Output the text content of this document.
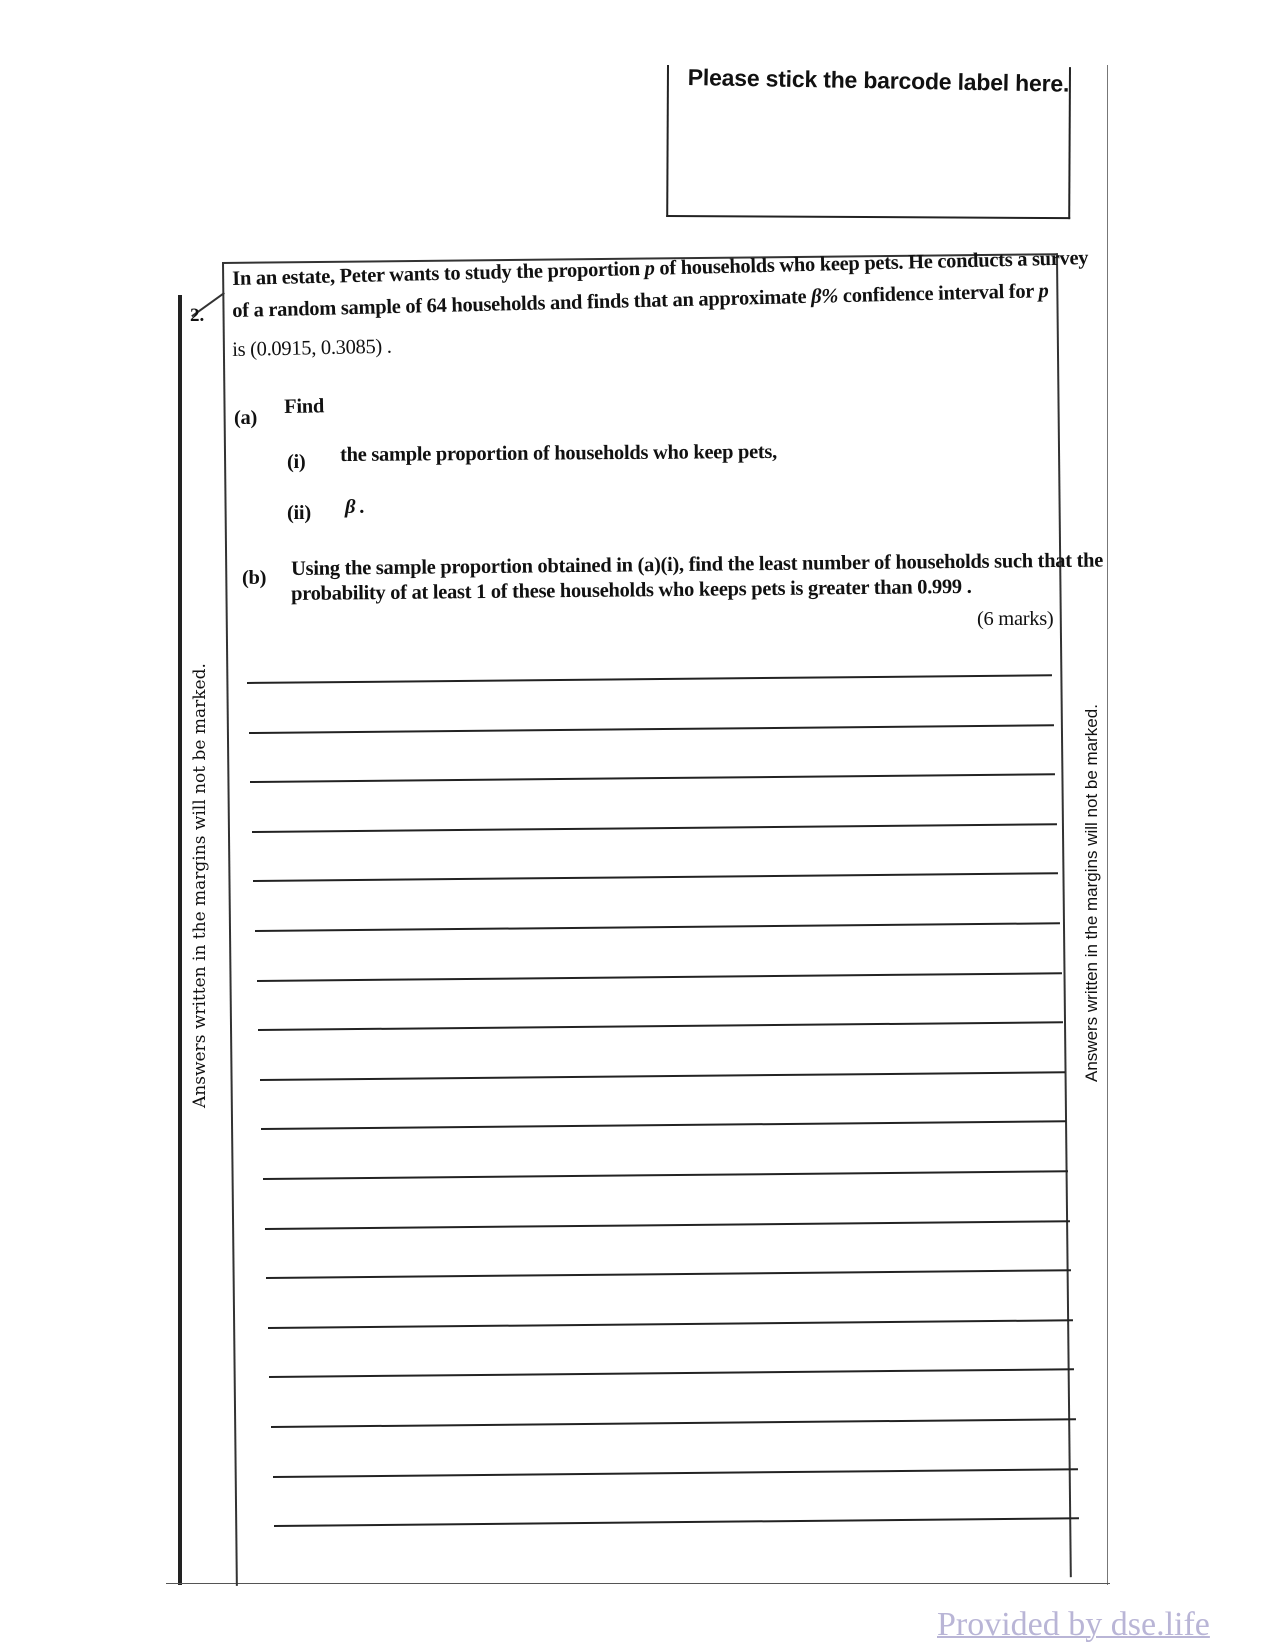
Please stick the barcode label here.
2.
In an estate, Peter wants to study the proportion p of households who keep pets. He conducts a survey
of a random sample of 64 households and finds that an approximate β% confidence interval for p
is (0.0915, 0.3085) .
(a)
Find
(i) the sample proportion of households who keep pets,
(ii) β .
(b) Using the sample proportion obtained in (a)(i), find the least number of households such that the
probability of at least 1 of these households who keeps pets is greater than 0.999 .
(6 marks)
Answers written in the margins will not be marked.	Answers written in the margins will not be marked.
Provided by dse.life
